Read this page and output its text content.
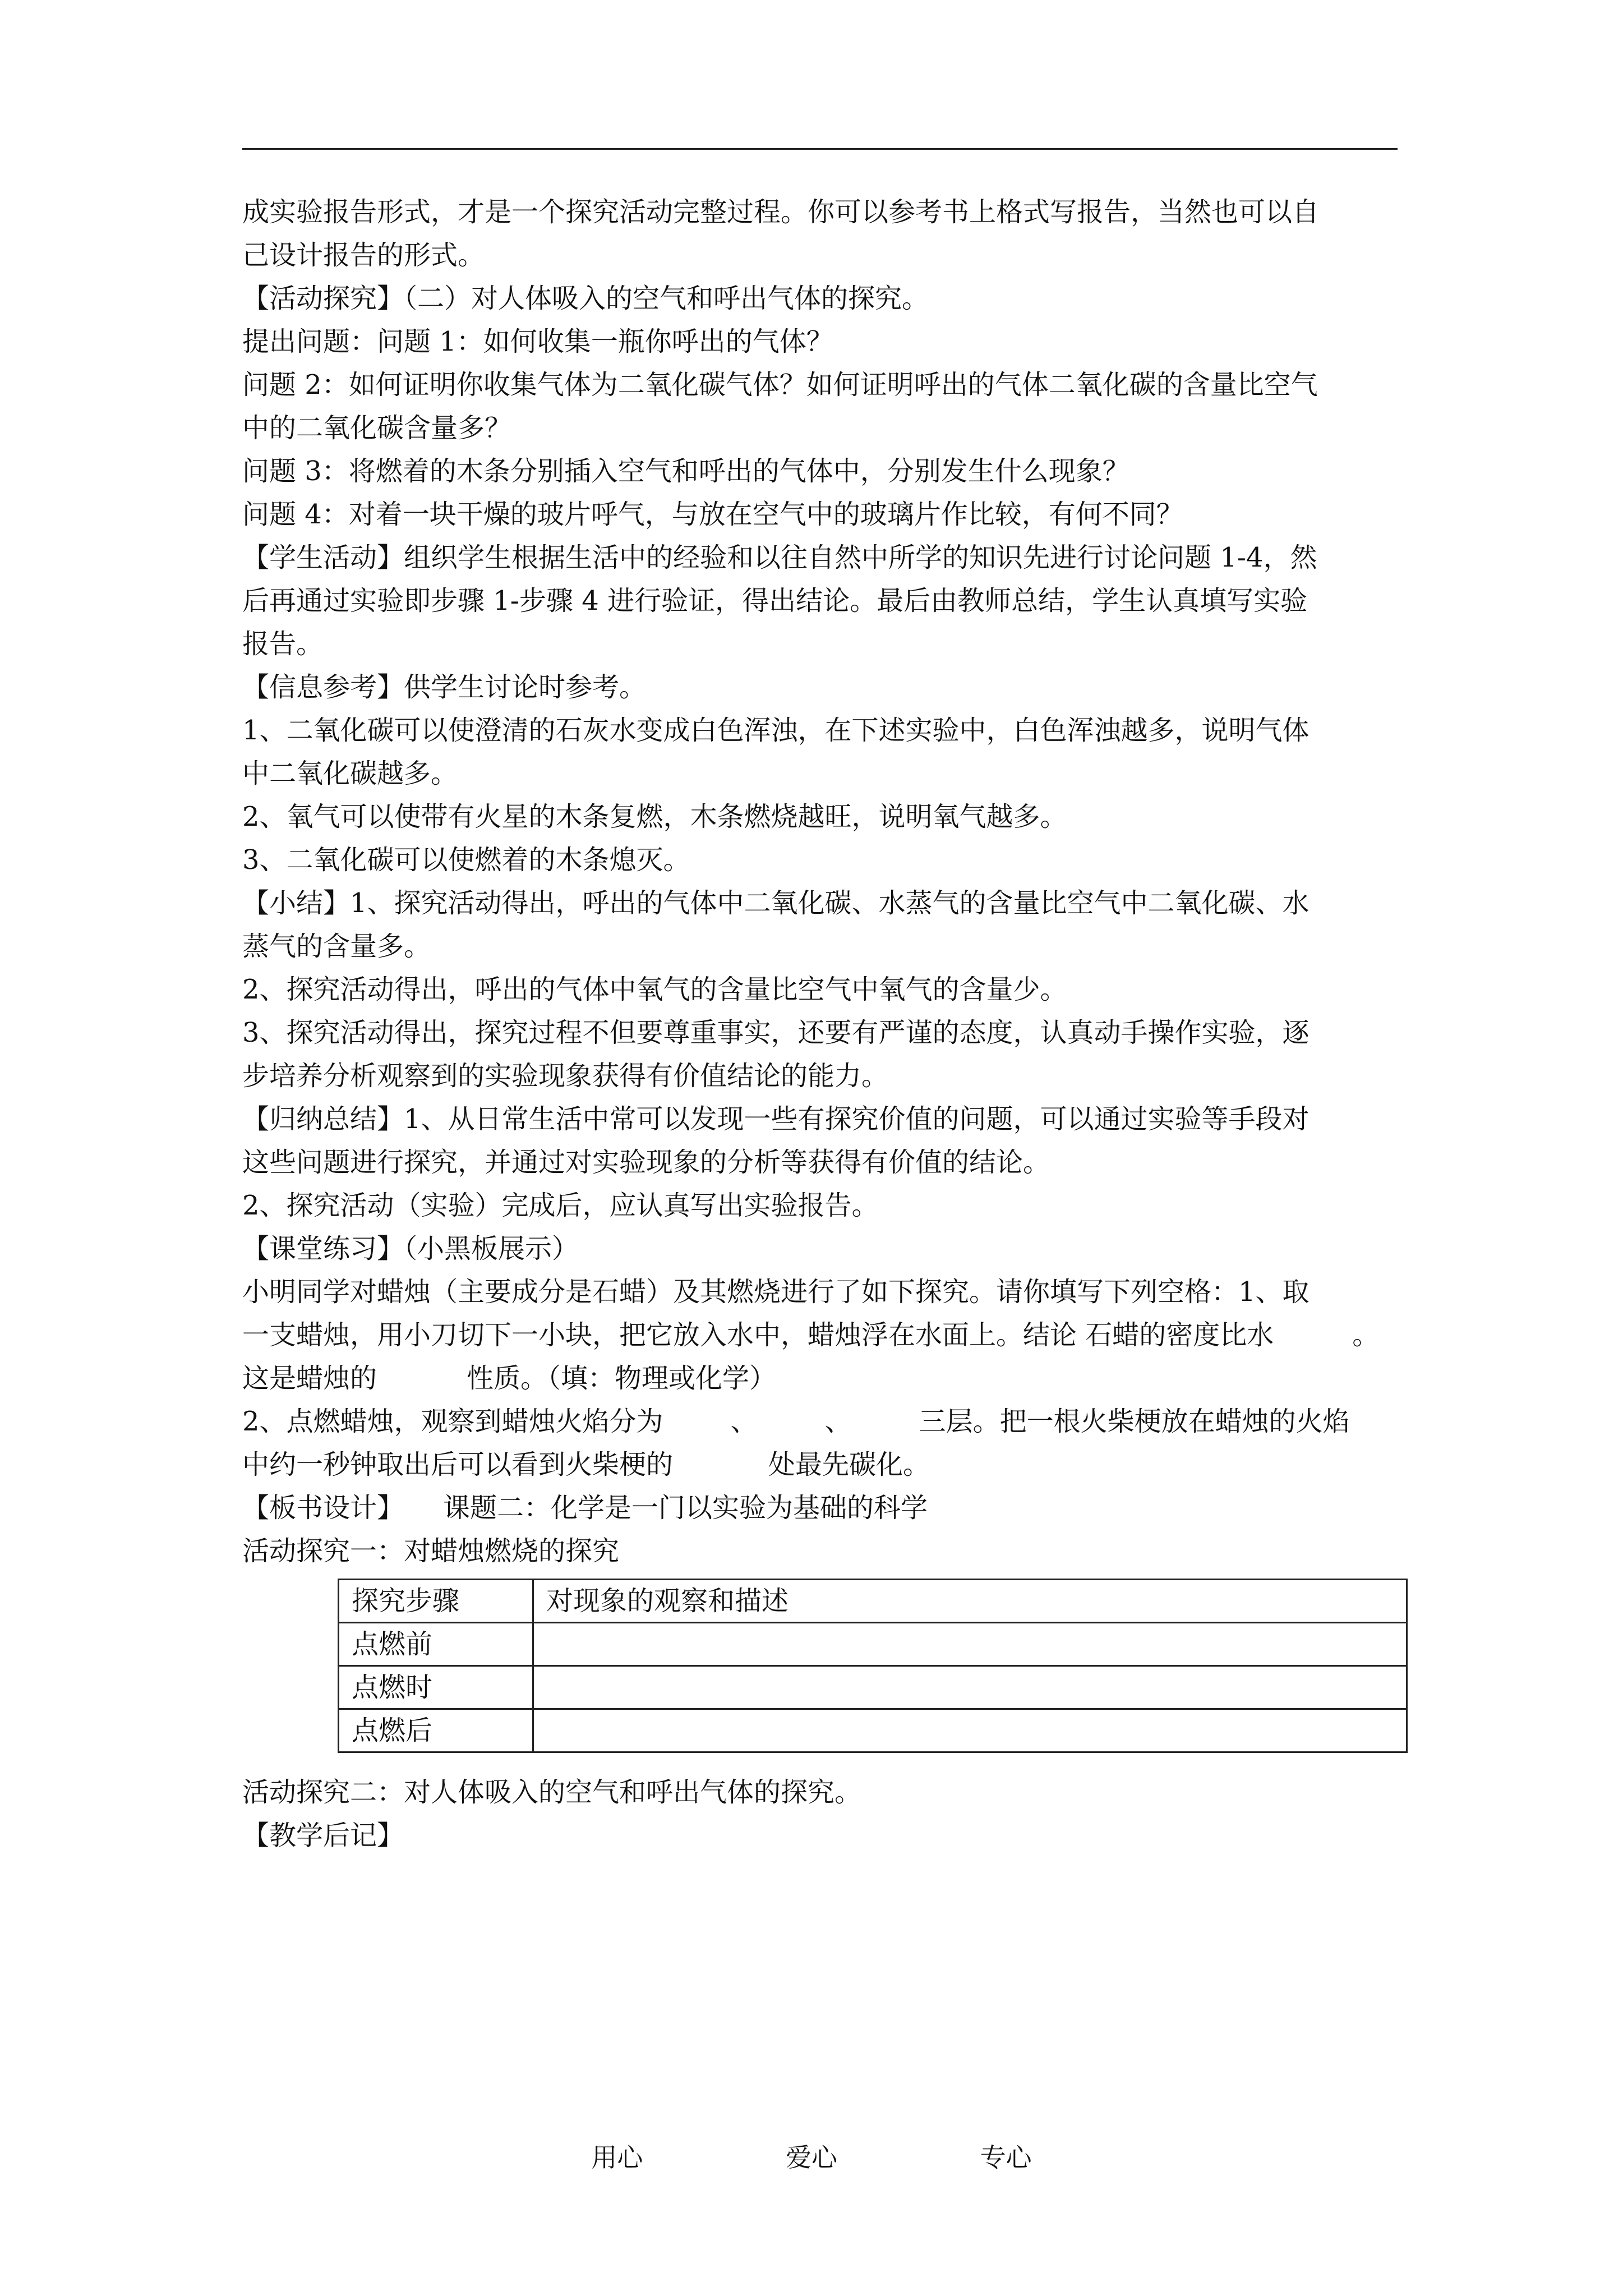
成实验报告形式，才是一个探究活动完整过程。你可以参考书上格式写报告，当然也可以自

己设计报告的形式。

【活动探究】（二）对人体吸入的空气和呼出气体的探究。

提出问题：问题 1：如何收集一瓶你呼出的气体？

问题 2：如何证明你收集气体为二氧化碳气体？如何证明呼出的气体二氧化碳的含量比空气

中的二氧化碳含量多？

问题 3：将燃着的木条分别插入空气和呼出的气体中，分别发生什么现象？

问题 4：对着一块干燥的玻片呼气，与放在空气中的玻璃片作比较，有何不同？

【学生活动】组织学生根据生活中的经验和以往自然中所学的知识先进行讨论问题 1-4，然

后再通过实验即步骤 1-步骤 4 进行验证，得出结论。最后由教师总结，学生认真填写实验

报告。

【信息参考】供学生讨论时参考。

1、二氧化碳可以使澄清的石灰水变成白色浑浊，在下述实验中，白色浑浊越多，说明气体

中二氧化碳越多。

2、氧气可以使带有火星的木条复燃，木条燃烧越旺，说明氧气越多。

3、二氧化碳可以使燃着的木条熄灭。

【小结】1、探究活动得出，呼出的气体中二氧化碳、水蒸气的含量比空气中二氧化碳、水

蒸气的含量多。

2、探究活动得出，呼出的气体中氧气的含量比空气中氧气的含量少。

3、探究活动得出，探究过程不但要尊重事实，还要有严谨的态度，认真动手操作实验，逐

步培养分析观察到的实验现象获得有价值结论的能力。

【归纳总结】1、从日常生活中常可以发现一些有探究价值的问题，可以通过实验等手段对

这些问题进行探究，并通过对实验现象的分析等获得有价值的结论。

2、探究活动（实验）完成后，应认真写出实验报告。

【课堂练习】（小黑板展示）

小明同学对蜡烛（主要成分是石蜡）及其燃烧进行了如下探究。请你填写下列空格：1、取

一支蜡烛，用小刀切下一小块，把它放入水中，蜡烛浮在水面上。结论 石蜡的密度比水	。

这是蜡烛的	性质。（填：物理或化学）

2、点燃蜡烛，观察到蜡烛火焰分为	、	、	三层。把一根火柴梗放在蜡烛的火焰

中约一秒钟取出后可以看到火柴梗的	处最先碳化。

【板书设计】 课题二：化学是一门以实验为基础的科学

活动探究一：对蜡烛燃烧的探究

探究步骤	对现象的观察和描述
点燃前	
点燃时	
点燃后	

活动探究二：对人体吸入的空气和呼出气体的探究。

【教学后记】

用心	爱心	专心
